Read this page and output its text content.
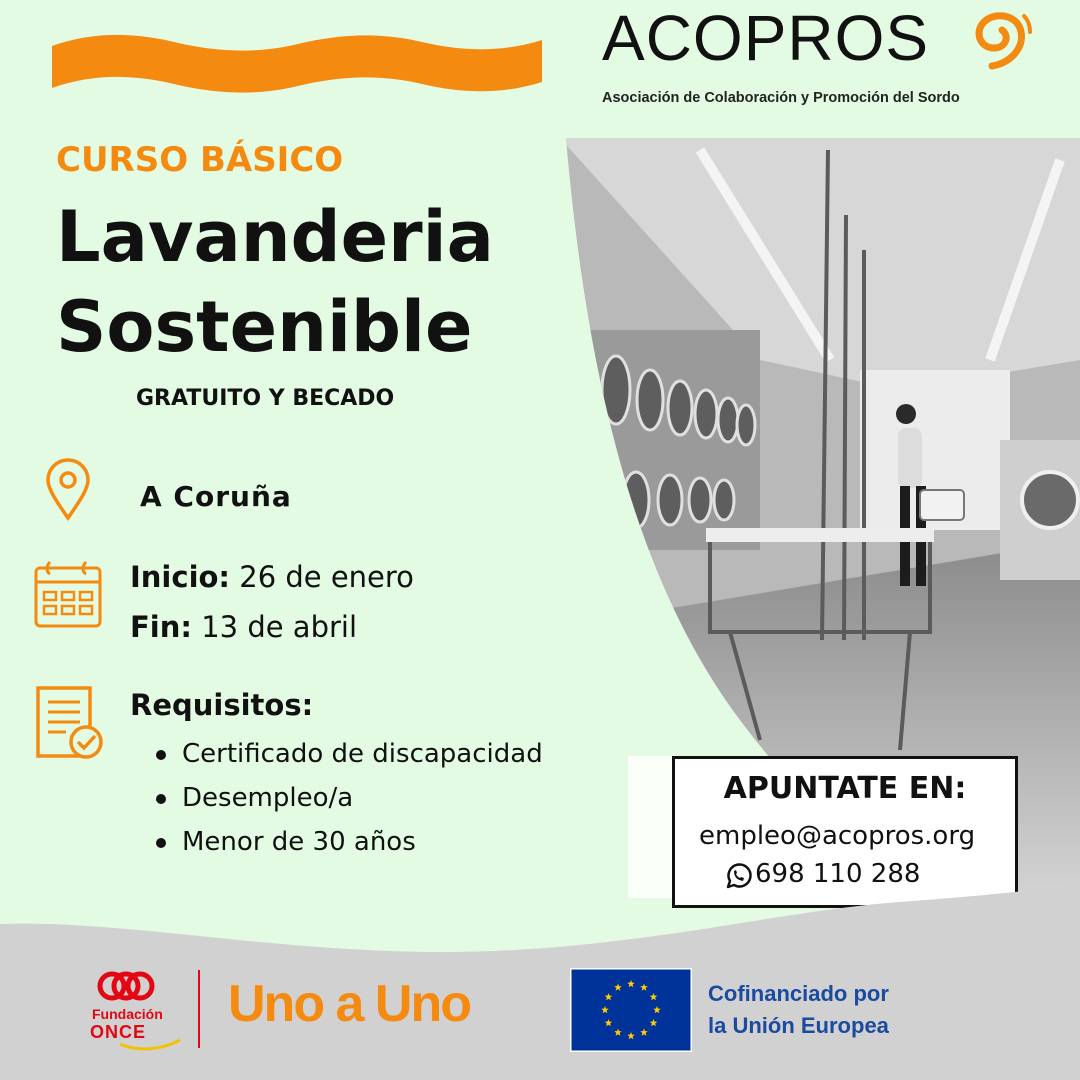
ACOPROS
Asociación de Colaboración y Promoción del Sordo
CURSO BÁSICO
Lavanderia
Sostenible
GRATUITO Y BECADO
A Coruña
Inicio: 26 de enero
Fin: 13 de abril
Requisitos:
Certificado de discapacidad
Desempleo/a
Menor de 30 años
APUNTATE EN:
empleo@acopros.org
698 110 288
Fundación
ONCE Uno a Uno	Cofinanciado por
la Unión Europea
